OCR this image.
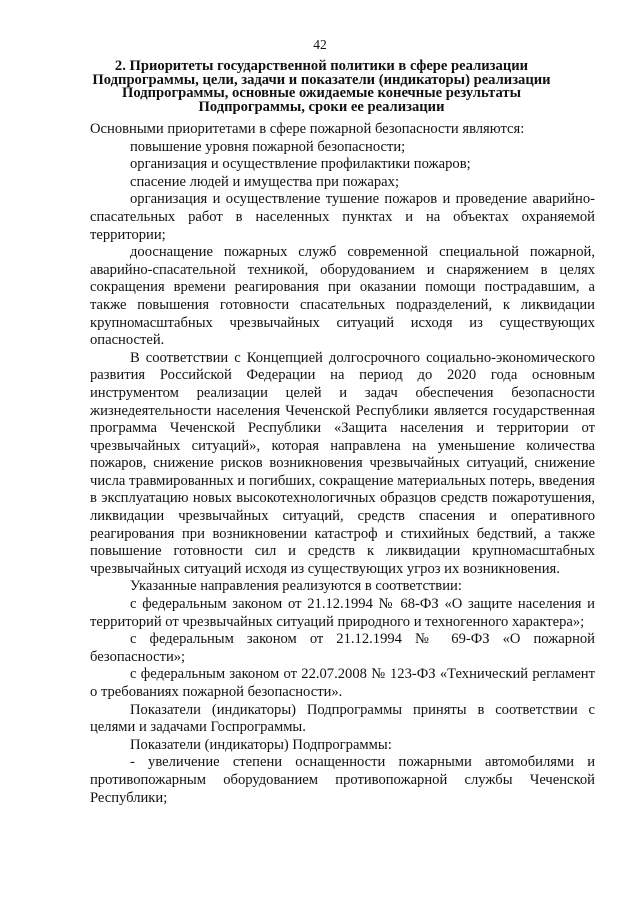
42
2. Приоритеты государственной политики в сфере реализации
Подпрограммы, цели, задачи и показатели (индикаторы) реализации
Подпрограммы, основные ожидаемые конечные результаты
Подпрограммы, сроки ее реализации

Основными приоритетами в сфере пожарной безопасности являются:

повышение уровня пожарной безопасности;

организация и осуществление профилактики пожаров;

спасение людей и имущества при пожарах;

организация и осуществление тушение пожаров и проведение аварийно-спасательных работ в населенных пунктах и на объектах охраняемой территории;

дооснащение пожарных служб современной специальной пожарной, аварийно-спасательной техникой, оборудованием и снаряжением в целях сокращения времени реагирования при оказании помощи пострадавшим, а также повышения готовности спасательных подразделений, к ликвидации крупномасштабных чрезвычайных ситуаций исходя из существующих опасностей.

В соответствии с Концепцией долгосрочного социально-экономического развития Российской Федерации на период до 2020 года основным инструментом реализации целей и задач обеспечения безопасности жизнедеятельности населения Чеченской Республики является государственная программа Чеченской Республики «Защита населения и территории от чрезвычайных ситуаций», которая направлена на уменьшение количества пожаров, снижение рисков возникновения чрезвычайных ситуаций, снижение числа травмированных и погибших, сокращение материальных потерь, введения в эксплуатацию новых высокотехнологичных образцов средств пожаротушения, ликвидации чрезвычайных ситуаций, средств спасения и оперативного реагирования при возникновении катастроф и стихийных бедствий, а также повышение готовности сил и средств к ликвидации крупномасштабных чрезвычайных ситуаций исходя из существующих угроз их возникновения.

Указанные направления реализуются в соответствии:

с федеральным законом от 21.12.1994 № 68-ФЗ «О защите населения и территорий от чрезвычайных ситуаций природного и техногенного характера»;

с федеральным законом от 21.12.1994 № 69-ФЗ «О пожарной безопасности»;

с федеральным законом от 22.07.2008 № 123-ФЗ «Технический регламент о требованиях пожарной безопасности».

Показатели (индикаторы) Подпрограммы приняты в соответствии с целями и задачами Госпрограммы.

Показатели (индикаторы) Подпрограммы:

- увеличение степени оснащенности пожарными автомобилями и противопожарным оборудованием противопожарной службы Чеченской Республики;
